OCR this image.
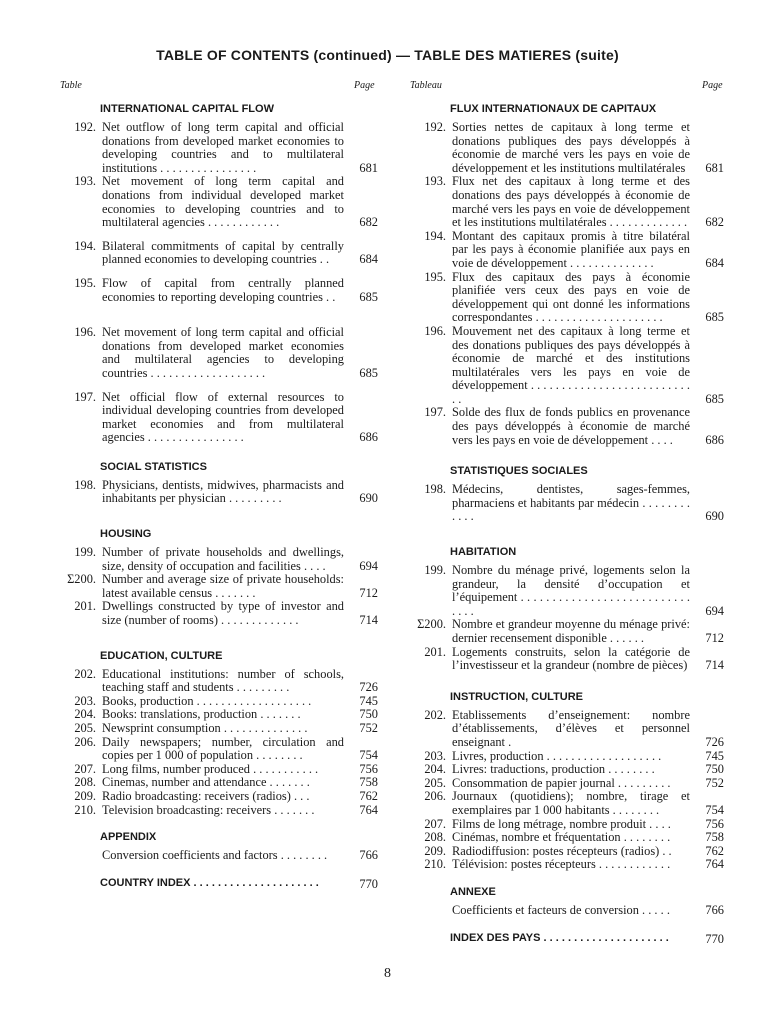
TABLE OF CONTENTS (continued) — TABLE DES MATIERES (suite)
Table	Page	Tableau	Page
INTERNATIONAL CAPITAL FLOW
192. Net outflow of long term capital and official donations from developed market economies to developing countries and to multilateral institutions . . . . . . . . . . . . . . . .	681
193. Net movement of long term capital and donations from individual developed market economies to developing countries and to multilateral agencies . . . . . . . . . . . .	682
194. Bilateral commitments of capital by centrally planned economies to developing countries . .	684
195. Flow of capital from centrally planned economies to reporting developing countries . .	685
196. Net movement of long term capital and official donations from developed market economies and multilateral agencies to developing countries . . . . . . . . . . . . . . . . . . .	685
197. Net official flow of external resources to individual developing countries from developed market economies and from multilateral agencies . . . . . . . . . . . . . . . .	686
SOCIAL STATISTICS
198. Physicians, dentists, midwives, pharmacists and inhabitants per physician . . . . . . . . .	690
HOUSING
199. Number of private households and dwellings, size, density of occupation and facilities . . . .	694
Σ200. Number and average size of private households: latest available census . . . . . . .	712
201. Dwellings constructed by type of investor and size (number of rooms) . . . . . . . . . . . . .	714
EDUCATION, CULTURE
202. Educational institutions: number of schools, teaching staff and students . . . . . . . . .	726
203. Books, production . . . . . . . . . . . . . . . . . . .	745
204. Books: translations, production . . . . . . .	750
205. Newsprint consumption . . . . . . . . . . . . . .	752
206. Daily newspapers; number, circulation and copies per 1 000 of population . . . . . . . .	754
207. Long films, number produced . . . . . . . . . . .	756
208. Cinemas, number and attendance . . . . . . .	758
209. Radio broadcasting: receivers (radios) . . .	762
210. Television broadcasting: receivers . . . . . . .	764
APPENDIX
Conversion coefficients and factors . . . . . . . .	766
COUNTRY INDEX . . . . . . . . . . . . . . . . . . . . .	770
FLUX INTERNATIONAUX DE CAPITAUX
192. Sorties nettes de capitaux à long terme et donations publiques des pays développés à économie de marché vers les pays en voie de développement et les institutions multilatérales	681
193. Flux net des capitaux à long terme et des donations des pays développés à économie de marché vers les pays en voie de développement et les institutions multilatérales . . . . . . . . . . . . .	682
194. Montant des capitaux promis à titre bilatéral par les pays à économie planifiée aux pays en voie de développement . . . . . . . . . . . . . .	684
195. Flux des capitaux des pays à économie planifiée vers ceux des pays en voie de développement qui ont donné les informations correspondantes . . . . . . . . . . . . . . . . . . . . .	685
196. Mouvement net des capitaux à long terme et des donations publiques des pays développés à économie de marché et des institutions multilatérales vers les pays en voie de développement . . . . . . . . . . . . . . . . . . . . . . . . . . . .	685
197. Solde des flux de fonds publics en provenance des pays développés à économie de marché vers les pays en voie de développement . . . .	686
STATISTIQUES SOCIALES
198. Médecins, dentistes, sages-femmes, pharmaciens et habitants par médecin . . . . . . . . . . . .	690
HABITATION
199. Nombre du ménage privé, logements selon la grandeur, la densité d’occupation et l’équipement . . . . . . . . . . . . . . . . . . . . . . . . . . . . . . .	694
Σ200. Nombre et grandeur moyenne du ménage privé: dernier recensement disponible . . . . . .	712
201. Logements construits, selon la catégorie de l’investisseur et la grandeur (nombre de pièces)	714
INSTRUCTION, CULTURE
202. Etablissements d’enseignement: nombre d’établissements, d’élèves et personnel enseignant .	726
203. Livres, production . . . . . . . . . . . . . . . . . . .	745
204. Livres: traductions, production . . . . . . . .	750
205. Consommation de papier journal . . . . . . . . .	752
206. Journaux (quotidiens); nombre, tirage et exemplaires par 1 000 habitants . . . . . . . .	754
207. Films de long métrage, nombre produit . . . .	756
208. Cinémas, nombre et fréquentation . . . . . . . .	758
209. Radiodiffusion: postes récepteurs (radios) . .	762
210. Télévision: postes récepteurs . . . . . . . . . . . .	764
ANNEXE
Coefficients et facteurs de conversion . . . . .	766
INDEX DES PAYS . . . . . . . . . . . . . . . . . . . . .	770
8
